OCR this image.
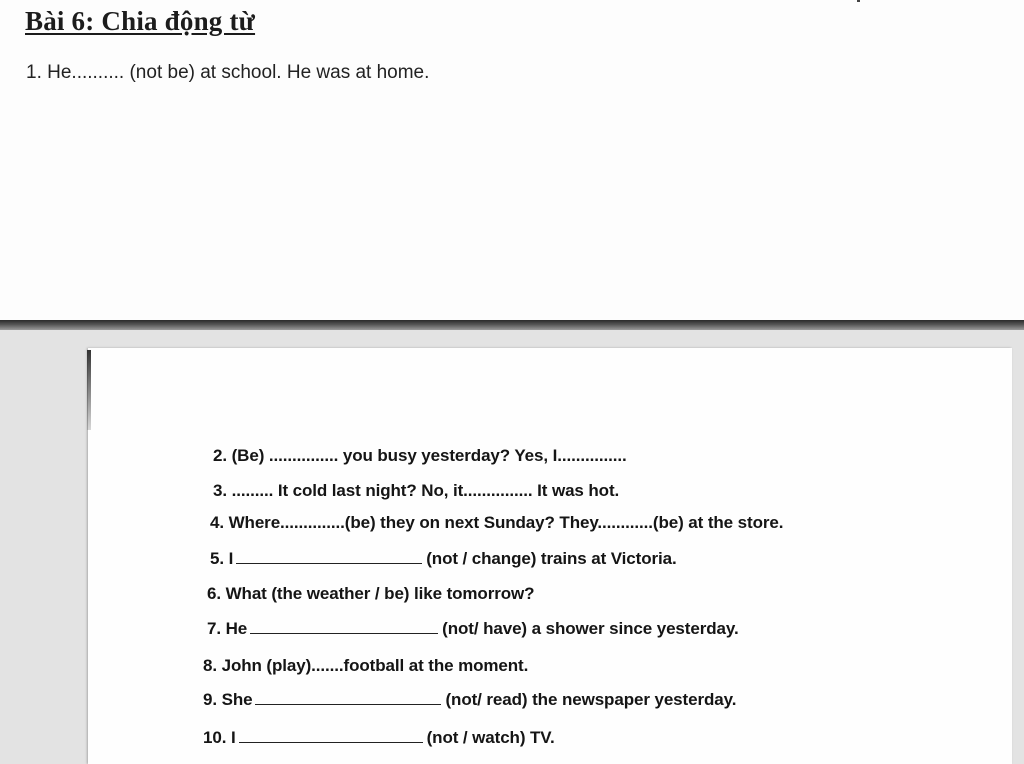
Bài 6: Chia động từ
1. He.......... (not be) at school. He was at home.

2. (Be) ............... you busy yesterday? Yes, I...............

3. ......... It cold last night? No, it............... It was hot.

4. Where..............(be) they on next Sunday? They............(be) at the store.

5. I	(not / change) trains at Victoria.

6. What (the weather / be) like tomorrow?

7. He	(not/ have) a shower since yesterday.

8. John (play).......football at the moment.

9. She	(not/ read) the newspaper yesterday.

10. I	(not / watch) TV.
